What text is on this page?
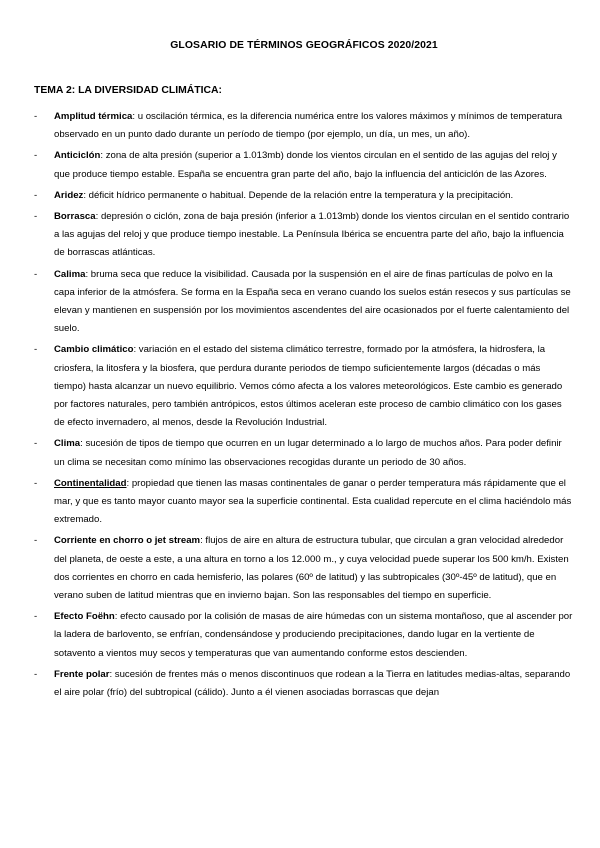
GLOSARIO DE TÉRMINOS GEOGRÁFICOS 2020/2021
TEMA 2: LA DIVERSIDAD CLIMÁTICA:
- Amplitud térmica: u oscilación térmica, es la diferencia numérica entre los valores máximos y mínimos de temperatura observado en un punto dado durante un período de tiempo (por ejemplo, un día, un mes, un año).
- Anticiclón: zona de alta presión (superior a 1.013mb) donde los vientos circulan en el sentido de las agujas del reloj y que produce tiempo estable. España se encuentra gran parte del año, bajo la influencia del anticiclón de las Azores.
- Aridez: déficit hídrico permanente o habitual. Depende de la relación entre la temperatura y la precipitación.
- Borrasca: depresión o ciclón, zona de baja presión (inferior a 1.013mb) donde los vientos circulan en el sentido contrario a las agujas del reloj y que produce tiempo inestable. La Península Ibérica se encuentra parte del año, bajo la influencia de borrascas atlánticas.
- Calima: bruma seca que reduce la visibilidad. Causada por la suspensión en el aire de finas partículas de polvo en la capa inferior de la atmósfera. Se forma en la España seca en verano cuando los suelos están resecos y sus partículas se elevan y mantienen en suspensión por los movimientos ascendentes del aire ocasionados por el fuerte calentamiento del suelo.
- Cambio climático: variación en el estado del sistema climático terrestre, formado por la atmósfera, la hidrosfera, la criosfera, la litosfera y la biosfera, que perdura durante periodos de tiempo suficientemente largos (décadas o más tiempo) hasta alcanzar un nuevo equilibrio. Vemos cómo afecta a los valores meteorológicos. Este cambio es generado por factores naturales, pero también antrópicos, estos últimos aceleran este proceso de cambio climático con los gases de efecto invernadero, al menos, desde la Revolución Industrial.
- Clima: sucesión de tipos de tiempo que ocurren en un lugar determinado a lo largo de muchos años. Para poder definir un clima se necesitan como mínimo las observaciones recogidas durante un periodo de 30 años.
- Continentalidad: propiedad que tienen las masas continentales de ganar o perder temperatura más rápidamente que el mar, y que es tanto mayor cuanto mayor sea la superficie continental. Esta cualidad repercute en el clima haciéndolo más extremado.
- Corriente en chorro o jet stream: flujos de aire en altura de estructura tubular, que circulan a gran velocidad alrededor del planeta, de oeste a este, a una altura en torno a los 12.000 m., y cuya velocidad puede superar los 500 km/h. Existen dos corrientes en chorro en cada hemisferio, las polares (60º de latitud) y las subtropicales (30º-45º de latitud), que en verano suben de latitud mientras que en invierno bajan. Son las responsables del tiempo en superficie.
- Efecto Foëhn: efecto causado por la colisión de masas de aire húmedas con un sistema montañoso, que al ascender por la ladera de barlovento, se enfrían, condensándose y produciendo precipitaciones, dando lugar en la vertiente de sotavento a vientos muy secos y temperaturas que van aumentando conforme estos descienden.
- Frente polar: sucesión de frentes más o menos discontinuos que rodean a la Tierra en latitudes medias-altas, separando el aire polar (frío) del subtropical (cálido). Junto a él vienen asociadas borrascas que dejan
